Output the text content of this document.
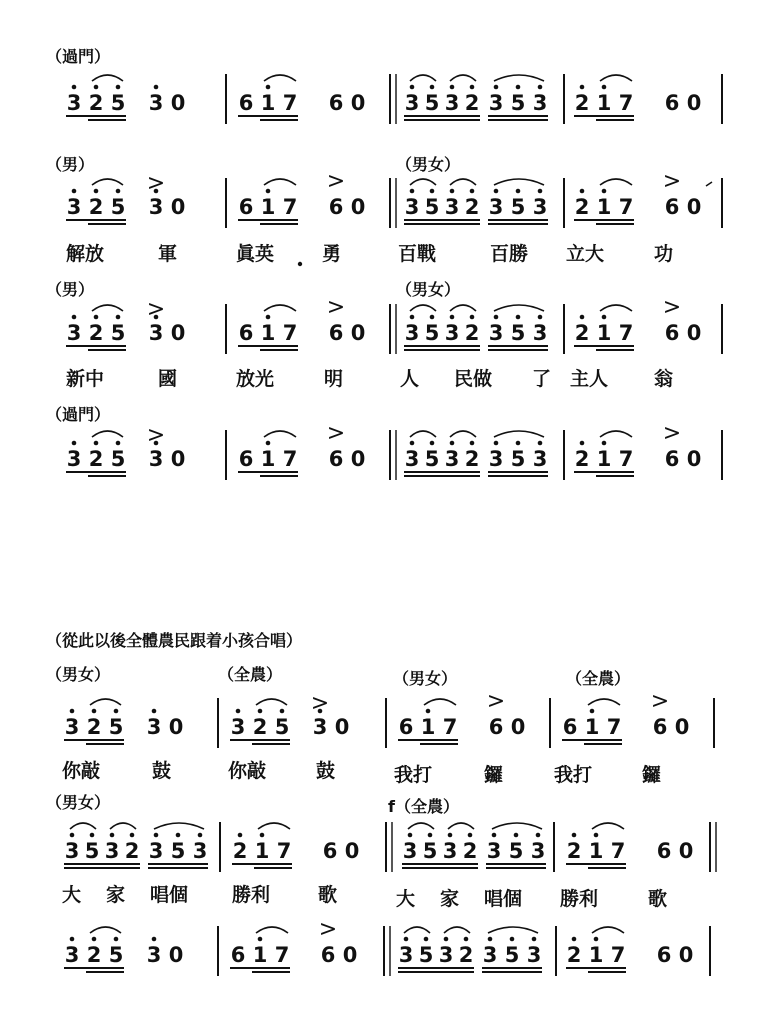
（過門）
（男）	（男女）
（男）	（男女）
（過門）
（從此以後全體農民跟着小孩合唱）
（男女）	（全農）	（男女）	（全農）
（男女）	f（全農）
解放	軍	眞英	勇	百戰	百勝 立大	功
新中	國	放光	明	人 民做 了 主人 翁
你敲	鼓	你敲	鼓	我打	鑼	我打	鑼
大 家 唱個 勝利	歌	大 家 唱個 勝利	歌
3 2 5 3 0	6 1 7 6 0 3 5 3 2 3 5 3 2 1 7 6 0
3 2 5 3 0
>
6 1 7 6 0
>
3 5 3 2 3 5 3 2 1 7 6 0
>
3 2 5 3 0
>
6 1 7 6 0
>
3 5 3 2 3 5 3 2 1 7 6 0
>
3 2 5 3 0
>
6 1 7 6 0
>
3 5 3 2 3 5 3 2 1 7 6 0
>
3 2 5 3 0 3 2 5 3 0
>
6 1 7 6 0
>
6 1 7 6 0
>
3 5 3 2 3 5 3 2 1 7 6 0 3 5 3 2 3 5 3 2 1 7 6 0
3 2 5 3 0 6 1 7 6 0
>
3 5 3 2 3 5 3 2 1 7 6 0
